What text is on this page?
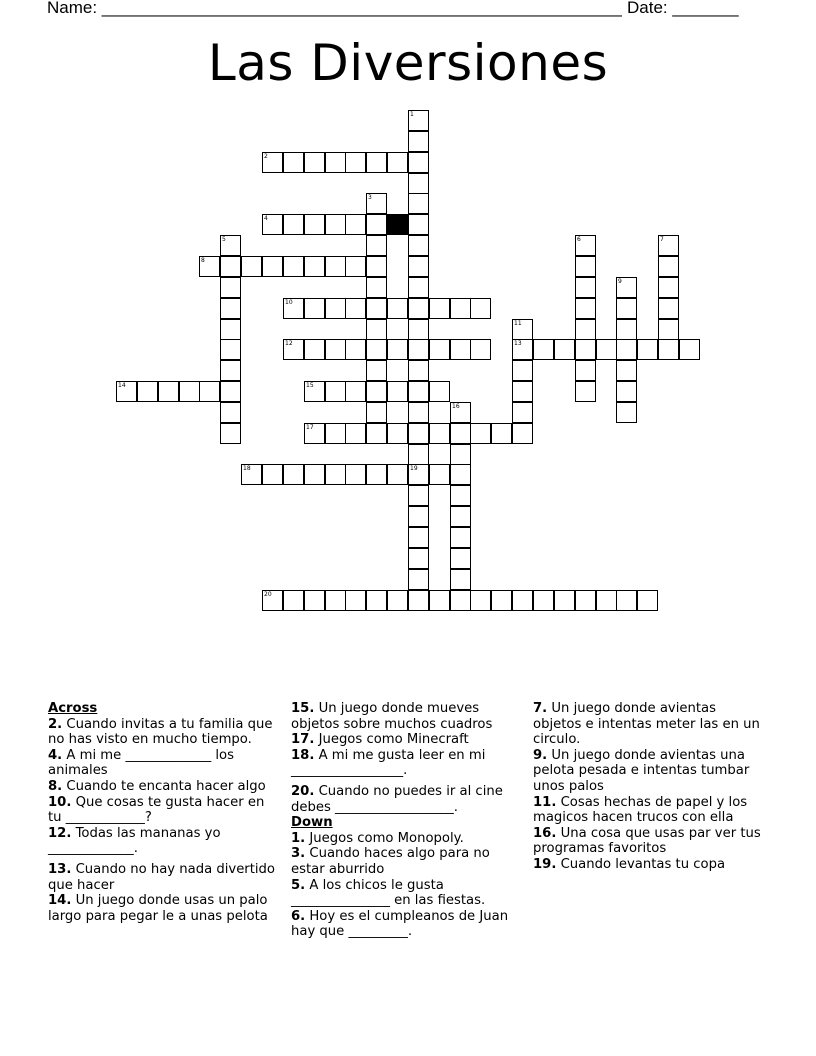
Name: _______________________________________________________ Date: _______
Las Diversiones
1
19
2
3
4
5	6	7
8
9
10
11
13
12
14	15
16
17
18
20
Across
2. Cuando invitas a tu familia que no has visto en mucho tiempo.
4. A mi me _____________ los animales
8. Cuando te encanta hacer algo
10. Que cosas te gusta hacer en tu ____________?
12. Todas las mananas yo _____________.
13. Cuando no hay nada divertido que hacer
14. Un juego donde usas un palo largo para pegar le a unas pelota
15. Un juego donde mueves objetos sobre muchos cuadros
17. Juegos como Minecraft
18. A mi me gusta leer en mi _________________.
20. Cuando no puedes ir al cine debes __________________.
Down
1. Juegos como Monopoly.
3. Cuando haces algo para no estar aburrido
5. A los chicos le gusta _______________ en las fiestas.
6. Hoy es el cumpleanos de Juan hay que _________.
7. Un juego donde avientas objetos e intentas meter las en un circulo.
9. Un juego donde avientas una pelota pesada e intentas tumbar unos palos
11. Cosas hechas de papel y los magicos hacen trucos con ella
16. Una cosa que usas par ver tus programas favoritos
19. Cuando levantas tu copa
